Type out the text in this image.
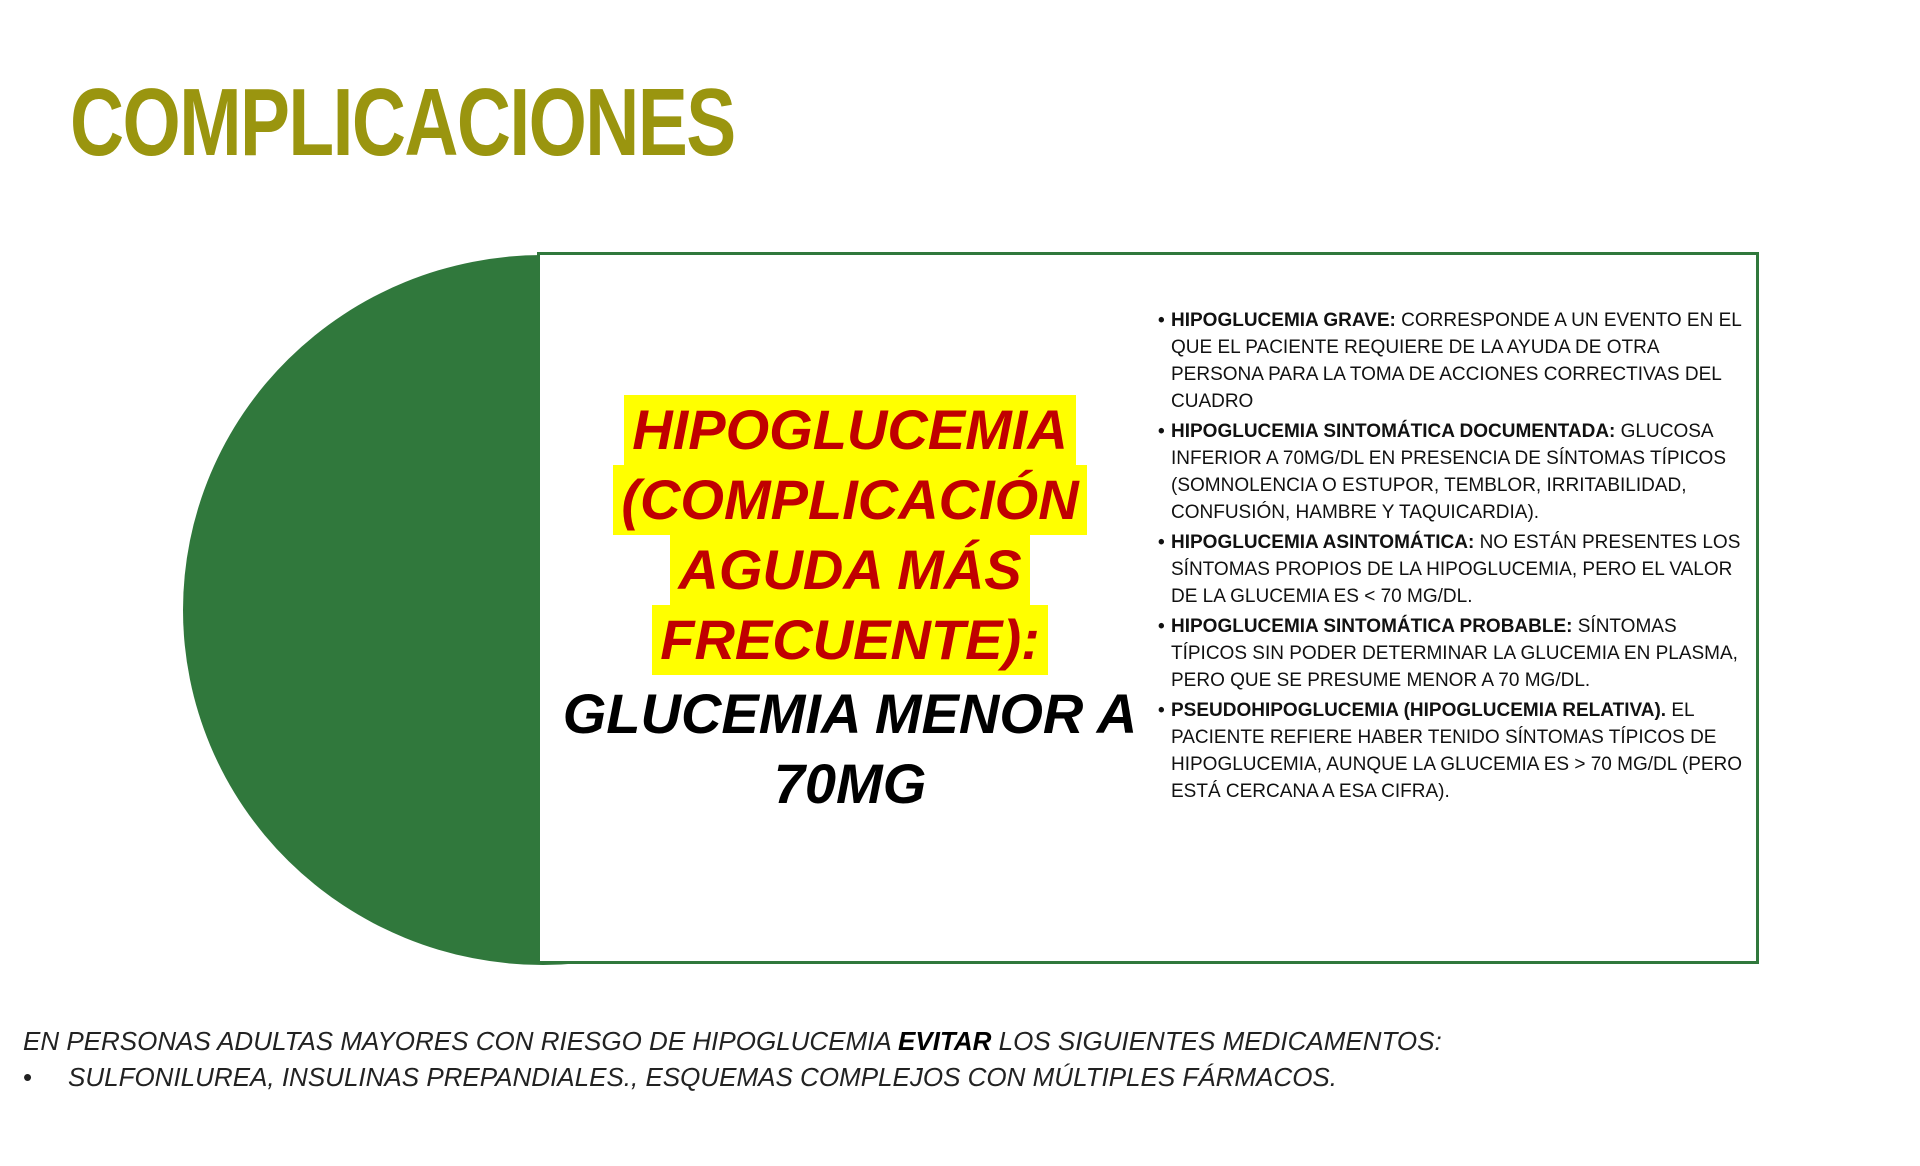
COMPLICACIONES
HIPOGLUCEMIA
(COMPLICACIÓN
AGUDA MÁS
FRECUENTE):
GLUCEMIA MENOR A 70MG
• HIPOGLUCEMIA GRAVE: CORRESPONDE A UN EVENTO EN EL QUE EL PACIENTE REQUIERE DE LA AYUDA DE OTRA PERSONA PARA LA TOMA DE ACCIONES CORRECTIVAS DEL CUADRO
• HIPOGLUCEMIA SINTOMÁTICA DOCUMENTADA: GLUCOSA INFERIOR A 70MG/DL EN PRESENCIA DE SÍNTOMAS TÍPICOS (SOMNOLENCIA O ESTUPOR, TEMBLOR, IRRITABILIDAD, CONFUSIÓN, HAMBRE Y TAQUICARDIA).
• HIPOGLUCEMIA ASINTOMÁTICA: NO ESTÁN PRESENTES LOS SÍNTOMAS PROPIOS DE LA HIPOGLUCEMIA, PERO EL VALOR DE LA GLUCEMIA ES < 70 MG/DL.
• HIPOGLUCEMIA SINTOMÁTICA PROBABLE: SÍNTOMAS TÍPICOS SIN PODER DETERMINAR LA GLUCEMIA EN PLASMA, PERO QUE SE PRESUME MENOR A 70 MG/DL.
• PSEUDOHIPOGLUCEMIA (HIPOGLUCEMIA RELATIVA). EL PACIENTE REFIERE HABER TENIDO SÍNTOMAS TÍPICOS DE HIPOGLUCEMIA, AUNQUE LA GLUCEMIA ES > 70 MG/DL (PERO ESTÁ CERCANA A ESA CIFRA).
EN PERSONAS ADULTAS MAYORES CON RIESGO DE HIPOGLUCEMIA EVITAR LOS SIGUIENTES MEDICAMENTOS:
•	SULFONILUREA, INSULINAS PREPANDIALES., ESQUEMAS COMPLEJOS CON MÚLTIPLES FÁRMACOS.
